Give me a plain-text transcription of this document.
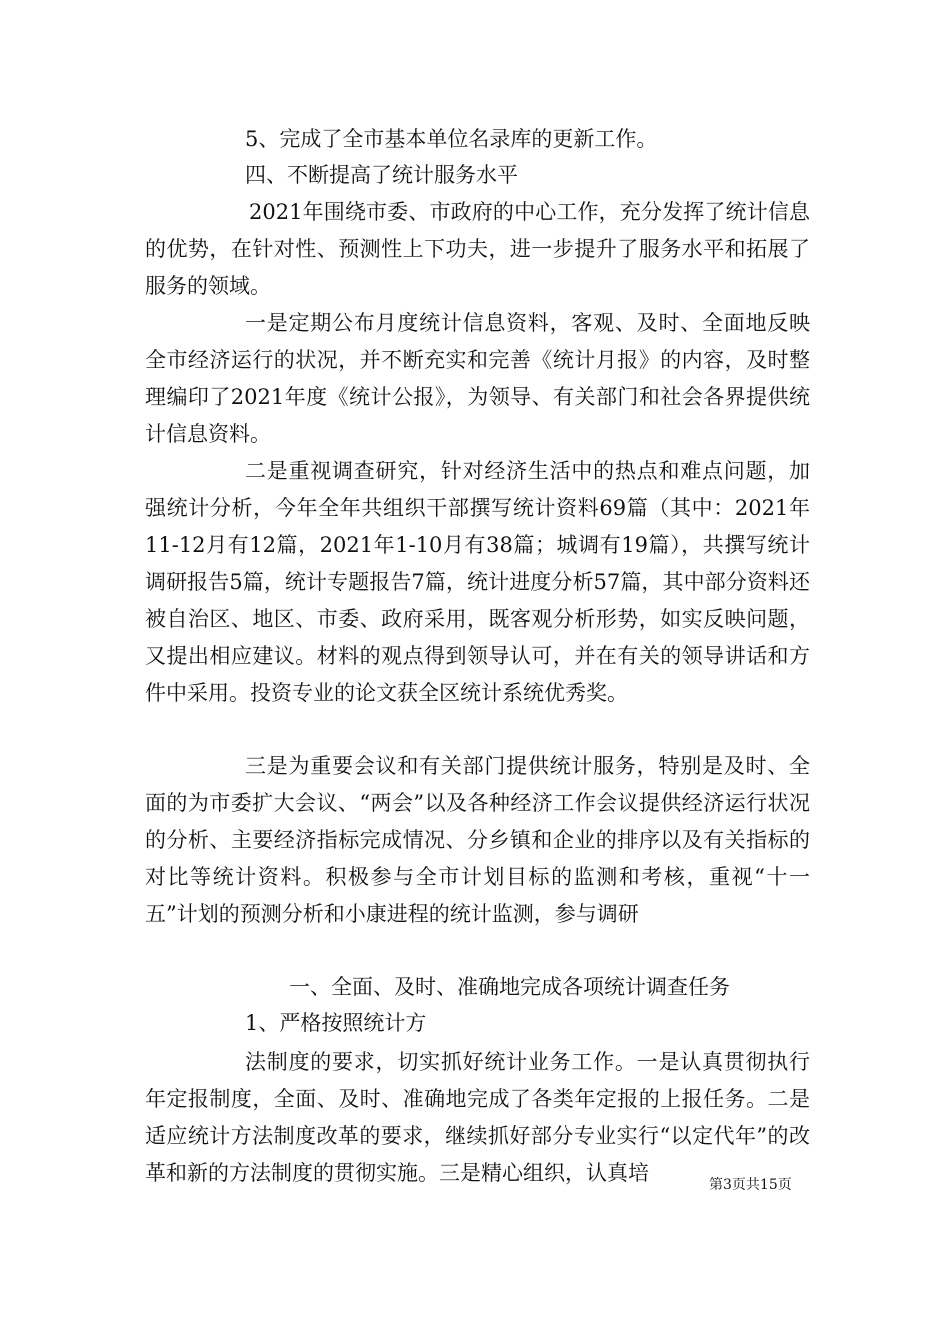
5、完成了全市基本单位名录库的更新工作。
四、不断提高了统计服务水平
2021年围绕市委、市政府的中心工作，充分发挥了统计信息的优势，在针对性、预测性上下功夫，进一步提升了服务水平和拓展了服务的领域。
一是定期公布月度统计信息资料，客观、及时、全面地反映全市经济运行的状况，并不断充实和完善《统计月报》的内容，及时整理编印了2021年度《统计公报》，为领导、有关部门和社会各界提供统计信息资料。
二是重视调查研究，针对经济生活中的热点和难点问题，加强统计分析，今年全年共组织干部撰写统计资料69篇（其中：2021年11-12月有12篇，2021年1-10月有38篇；城调有19篇），共撰写统计调研报告5篇，统计专题报告7篇，统计进度分析57篇，其中部分资料还被自治区、地区、市委、政府采用，既客观分析形势，如实反映问题，又提出相应建议。材料的观点得到领导认可，并在有关的领导讲话和方件中采用。投资专业的论文获全区统计系统优秀奖。
三是为重要会议和有关部门提供统计服务，特别是及时、全面的为市委扩大会议、“两会”以及各种经济工作会议提供经济运行状况的分析、主要经济指标完成情况、分乡镇和企业的排序以及有关指标的对比等统计资料。积极参与全市计划目标的监测和考核，重视“十一五”计划的预测分析和小康进程的统计监测，参与调研
一、全面、及时、准确地完成各项统计调查任务
1、严格按照统计方
法制度的要求，切实抓好统计业务工作。一是认真贯彻执行年定报制度，全面、及时、准确地完成了各类年定报的上报任务。二是适应统计方法制度改革的要求，继续抓好部分专业实行“以定代年”的改革和新的方法制度的贯彻实施。三是精心组织，认真培	第3页共15页
